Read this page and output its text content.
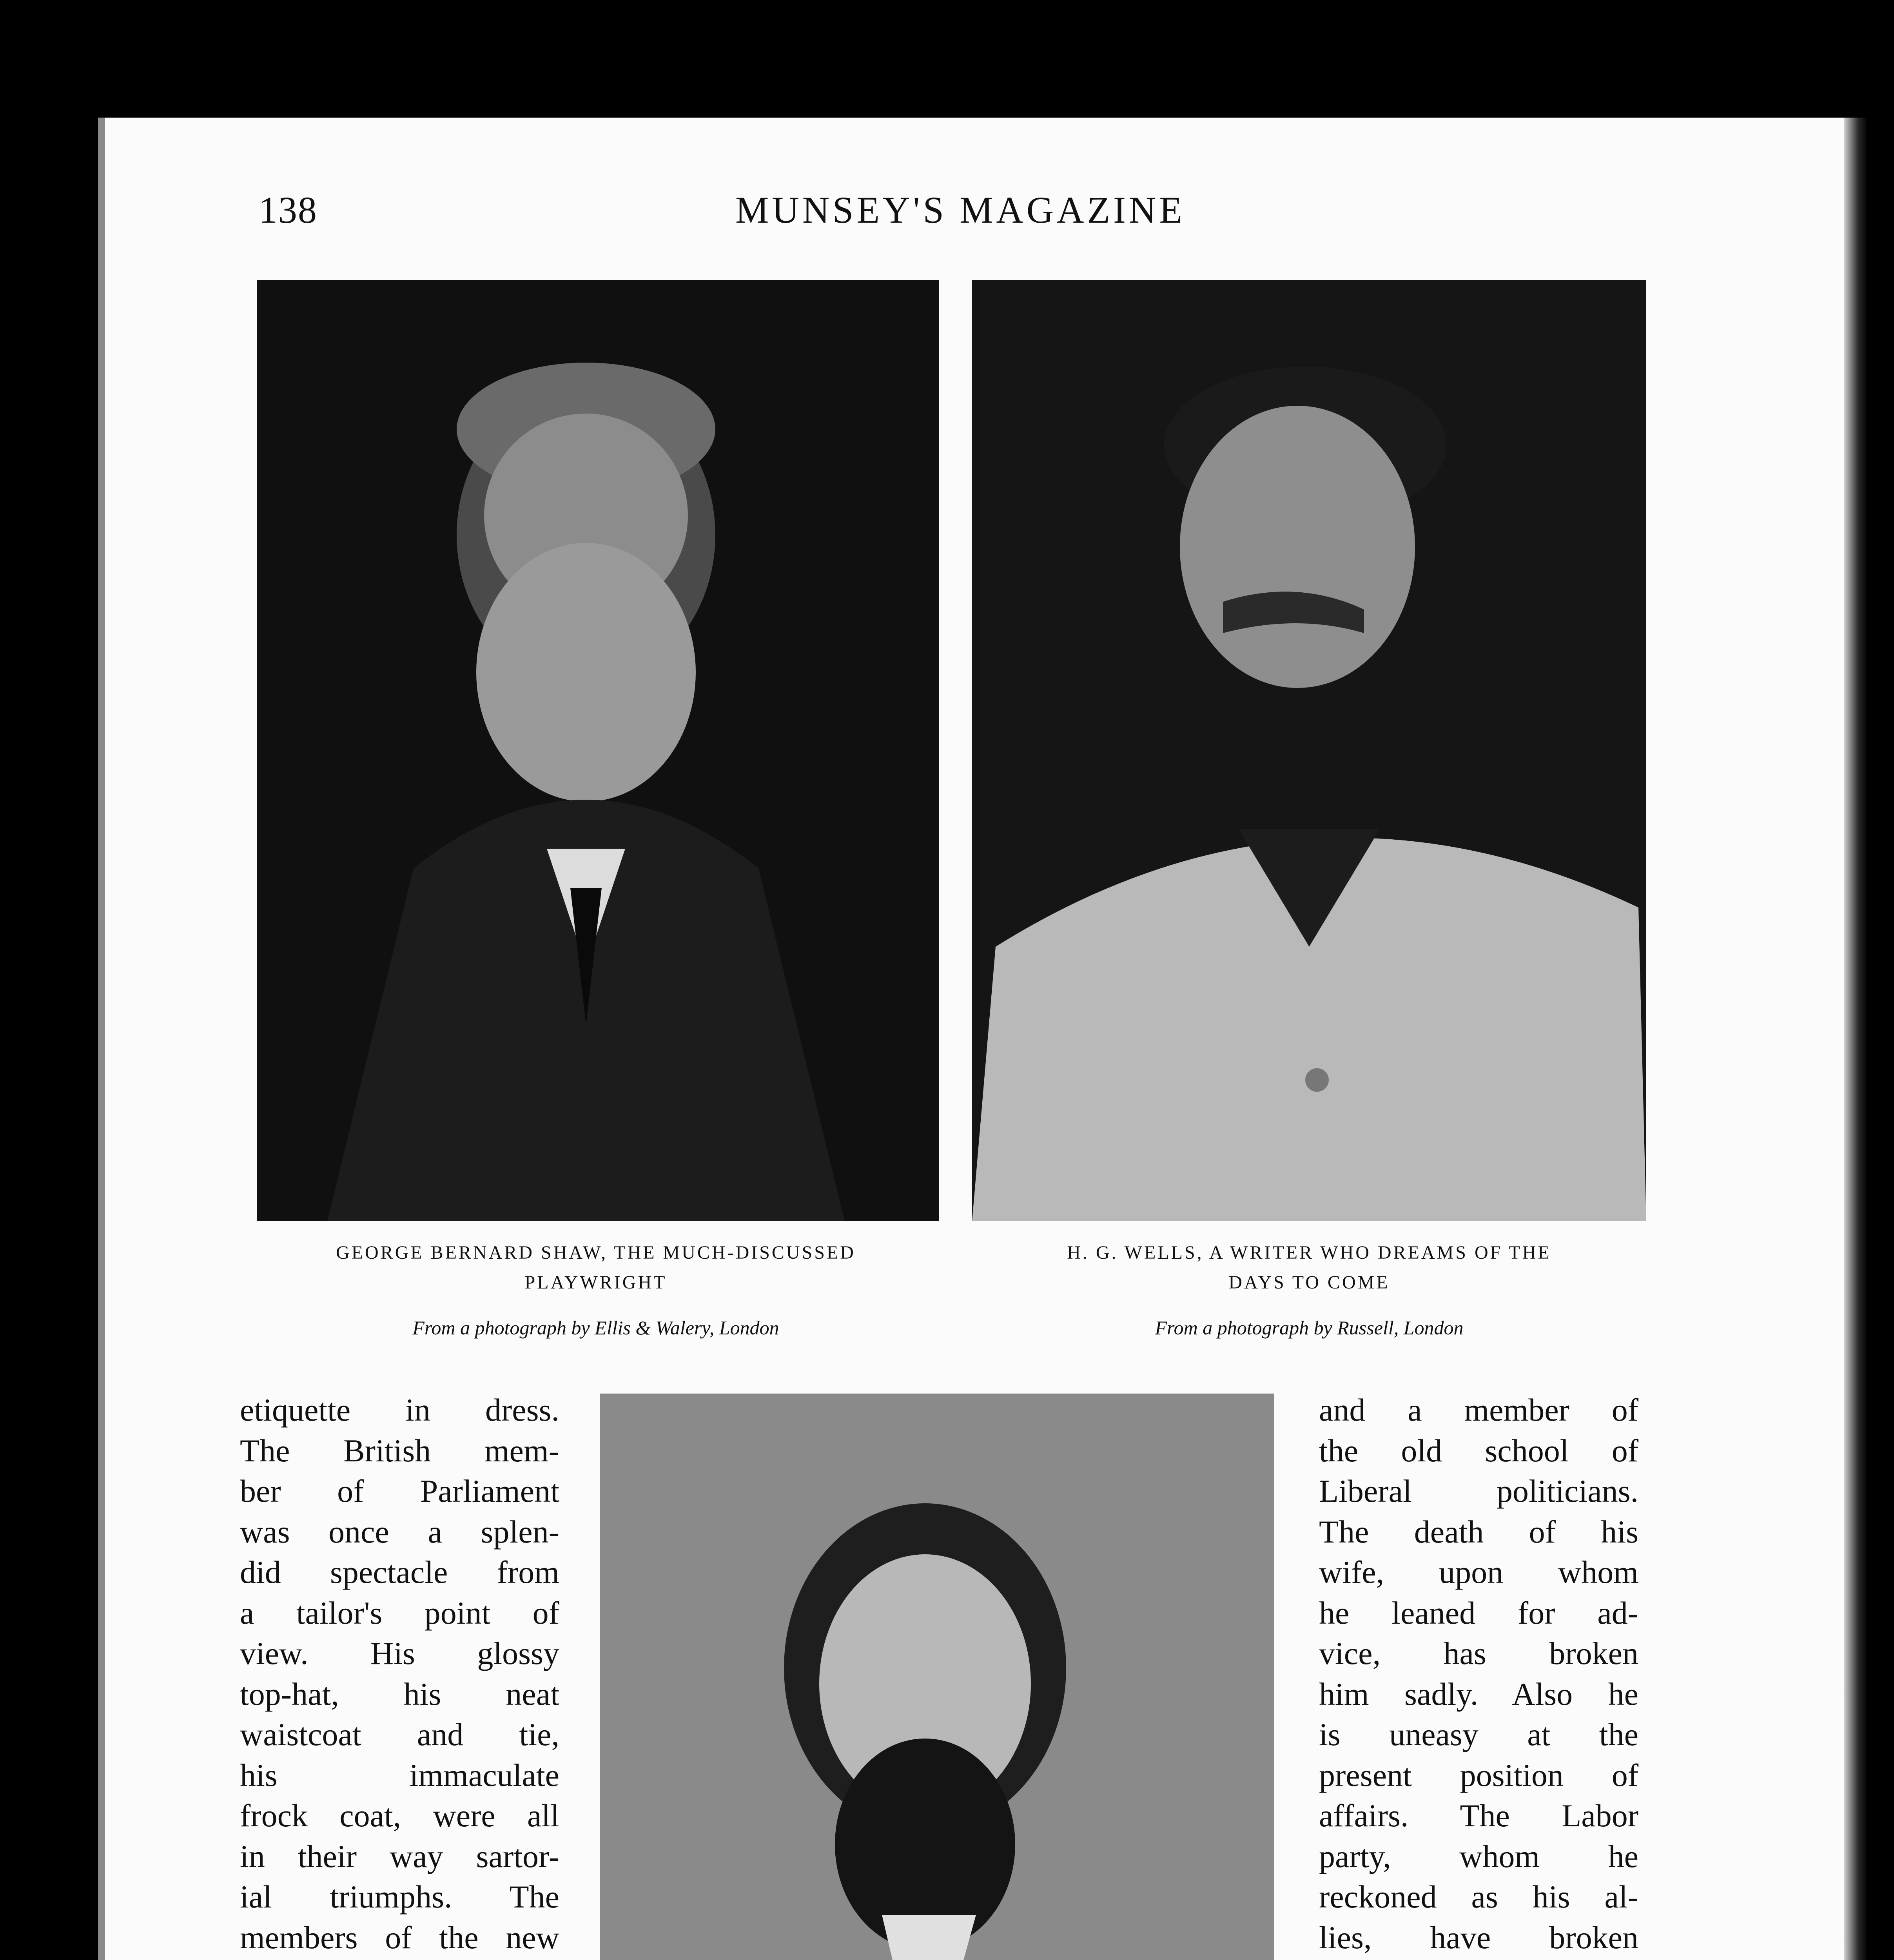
138	MUNSEY'S MAGAZINE
GEORGE BERNARD SHAW, THE MUCH-DISCUSSED
PLAYWRIGHT
From a photograph by Ellis & Walery, London
H. G. WELLS, A WRITER WHO DREAMS OF THE
DAYS TO COME
From a photograph by Russell, London
etiquette in dress.
The British mem-
ber of Parliament
was once a splen-
did spectacle from
a tailor's point of
view. His glossy
top-hat, his neat
waistcoat and tie,
his immaculate
frock coat, were all
in their way sartor-
ial triumphs. The
members of the new
and a member of
the old school of
Liberal politicians.
The death of his
wife, upon whom
he leaned for ad-
vice, has broken
him sadly. Also he
is uneasy at the
present position of
affairs. The Labor
party, whom he
reckoned as his al-
lies, have broken
